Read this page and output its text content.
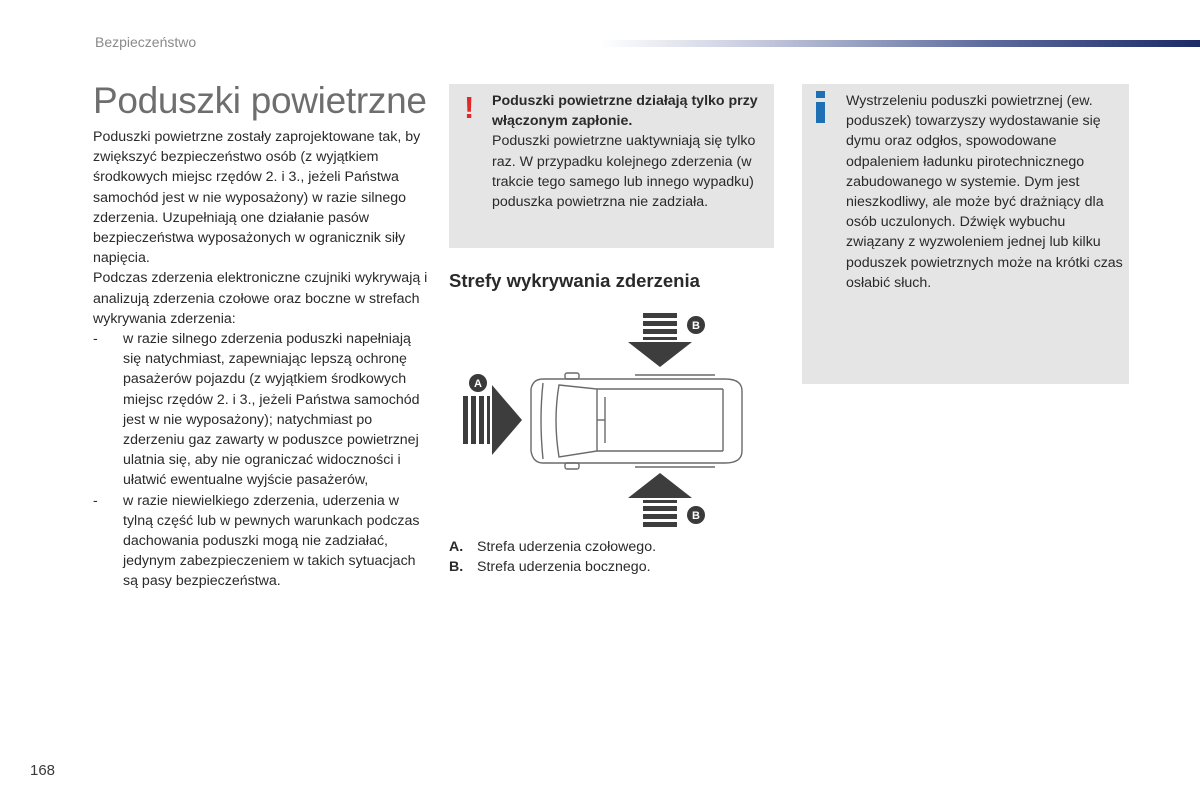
Bezpieczeństwo
Poduszki powietrzne

Poduszki powietrzne zostały zaprojektowane tak, by zwiększyć bezpieczeństwo osób (z wyjątkiem środkowych miejsc rzędów 2. i 3., jeżeli Państwa samochód jest w nie wyposażony) w razie silnego zderzenia. Uzupełniają one działanie pasów bezpieczeństwa wyposażonych w ogranicznik siły napięcia.

Podczas zderzenia elektroniczne czujniki wykrywają i analizują zderzenia czołowe oraz boczne w strefach wykrywania zderzenia:

- w razie silnego zderzenia poduszki napełniają się natychmiast, zapewniając lepszą ochronę pasażerów pojazdu (z wyjątkiem środkowych miejsc rzędów 2. i 3., jeżeli Państwa samochód jest w nie wyposażony); natychmiast po zderzeniu gaz zawarty w poduszce powietrznej ulatnia się, aby nie ograniczać widoczności i ułatwić ewentualne wyjście pasażerów,
- w razie niewielkiego zderzenia, uderzenia w tylną część lub w pewnych warunkach podczas dachowania poduszki mogą nie zadziałać, jedynym zabezpieczeniem w takich sytuacjach są pasy bezpieczeństwa.
! Poduszki powietrzne działają tylko przy włączonym zapłonie.
Poduszki powietrzne uaktywniają się tylko raz. W przypadku kolejnego zderzenia (w trakcie tego samego lub innego wypadku) poduszka powietrzna nie zadziała.
Strefy wykrywania zderzenia
B
A
B
A. Strefa uderzenia czołowego.
B. Strefa uderzenia bocznego.
Wystrzeleniu poduszki powietrznej (ew. poduszek) towarzyszy wydostawanie się dymu oraz odgłos, spowodowane odpaleniem ładunku pirotechnicznego zabudowanego w systemie. Dym jest nieszkodliwy, ale może być drażniący dla osób uczulonych. Dźwięk wybuchu związany z wyzwoleniem jednej lub kilku poduszek powietrznych może na krótki czas osłabić słuch.
168
